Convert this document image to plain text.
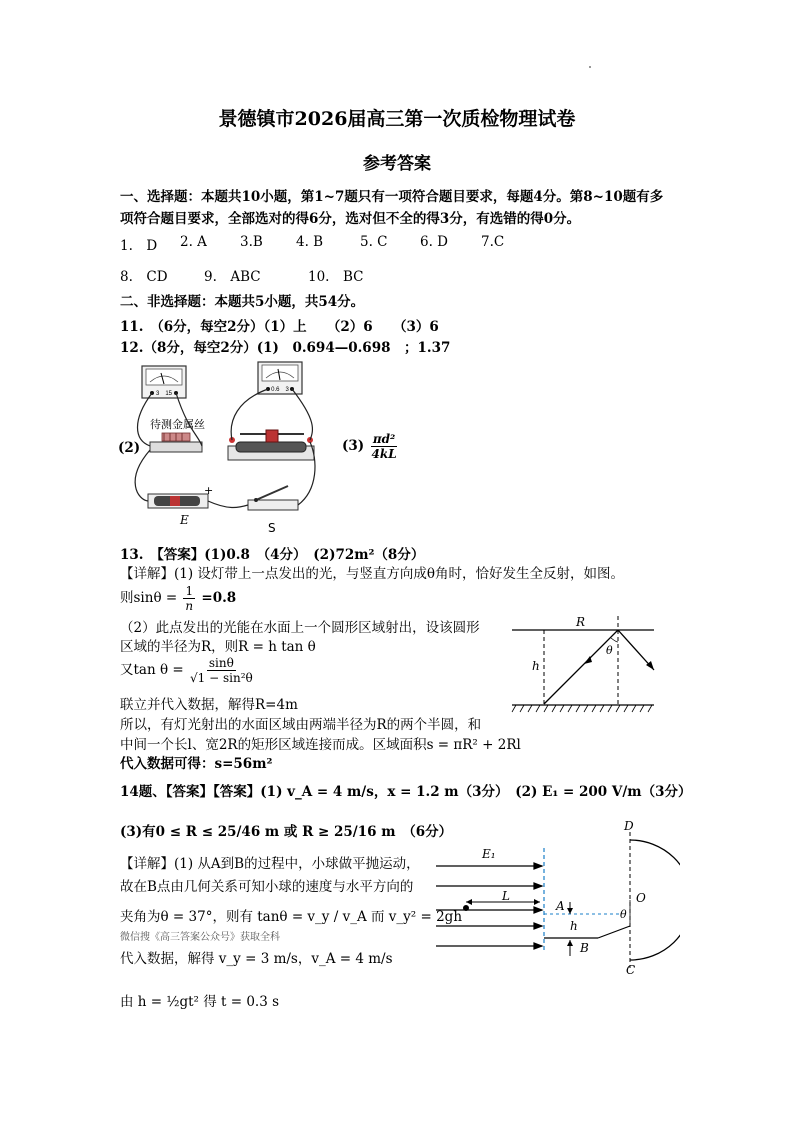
景德镇市2026届高三第一次质检物理试卷
参考答案
一、选择题：本题共10小题，第1~7题只有一项符合题目要求，每题4分。第8~10题有多
项符合题目要求，全部选对的得6分，选对但不全的得3分，有选错的得0分。
1.　D 2. A 3.B 4. B	5. C 6. D 7.C
8.　CD	9.　ABC	10.　BC
二、非选择题：本题共5小题，共54分。
11.　（6分，每空2分）（1）上　　（2）6　　（3）6
12.（8分，每空2分）(1)　0.694—0.698　；1.37
(2)
3　15
0.6　3
待测金属丝
+
E
S
$(3) \frac{\text{πd²}}{4kL}$
13.　【答案】(1)0.8　（4分）　(2)72m²（8分）
【详解】(1) 设灯带上一点发出的光，与竖直方向成θ角时，恰好发生全反射，如图。
则$\sin\theta = \frac{1}{n} =0.8$
（2）此点发出的光能在水面上一个圆形区域射出，设该圆形
区域的半径为R，则R = h tan θ
又$\tan \theta = \frac{\sin\theta}{\text{√1 − sin²θ}}$
联立并代入数据，解得R=4m
所以，有灯光射出的水面区域由两端半径为R的两个半圆，和
中间一个长l、宽2R的矩形区域连接而成。区域面积s = πR² + 2Rl
代入数据可得：s=56m²
R
h
θ
14题、【答案】【答案】(1) v_A = 4 m/s，x = 1.2 m（3分）　(2) E₁ = 200 V/m（3分）
(3)有0 ≤ R ≤ 25/46 m 或 R ≥ 25/16 m　（6分）
【详解】(1) 从A到B的过程中，小球做平抛运动，
故在B点由几何关系可知小球的速度与水平方向的
夹角为θ = 37°，则有 tanθ = v_y / v_A 而 v_y² = 2gh
微信搜《高三答案公众号》获取全科
代入数据，解得 v_y = 3 m/s，v_A = 4 m/s
由 h = ½gt² 得 t = 0.3 s
E₁
L
A
h
B
D
O
θ
C
